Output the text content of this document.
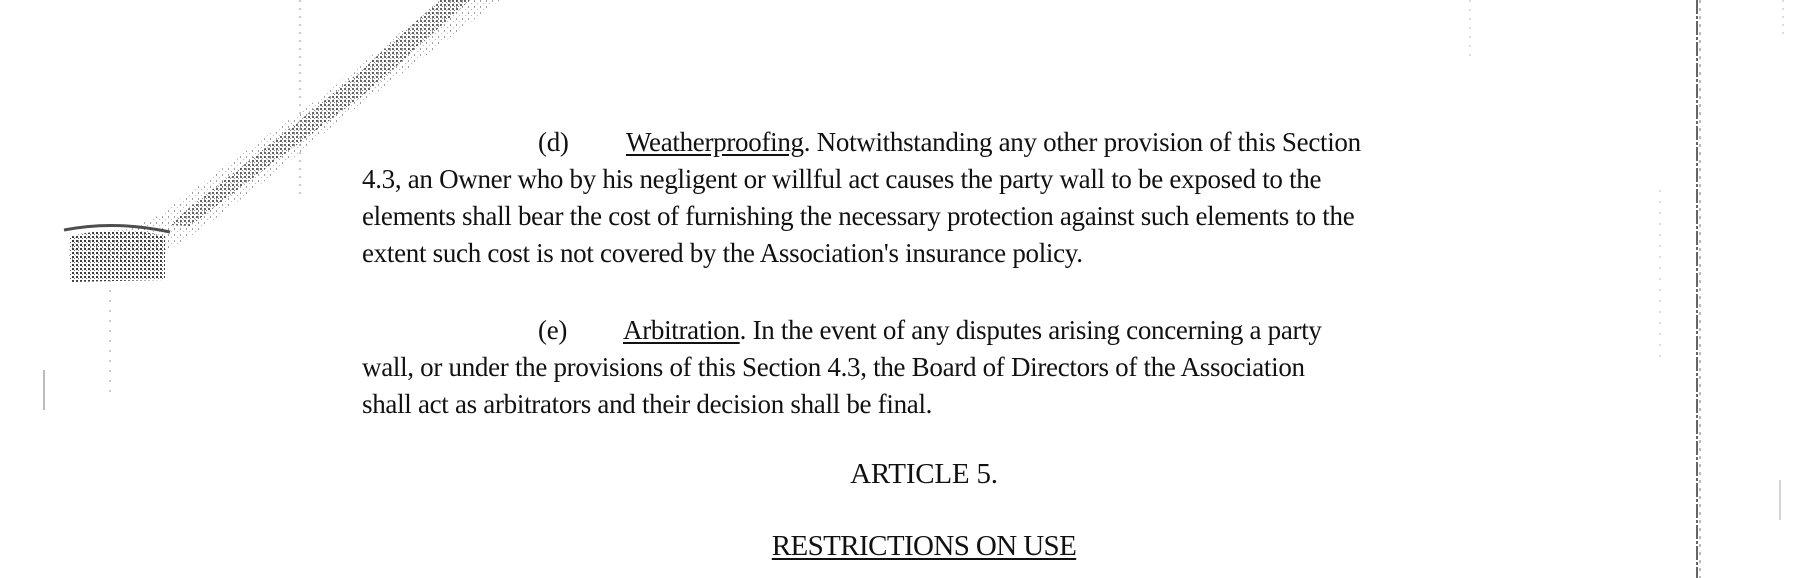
(d) Weatherproofing. Notwithstanding any other provision of this Section
4.3, an Owner who by his negligent or willful act causes the party wall to be exposed to the
elements shall bear the cost of furnishing the necessary protection against such elements to the
extent such cost is not covered by the Association's insurance policy.
(e) Arbitration. In the event of any disputes arising concerning a party
wall, or under the provisions of this Section 4.3, the Board of Directors of the Association
shall act as arbitrators and their decision shall be final.
ARTICLE 5.
RESTRICTIONS ON USE
